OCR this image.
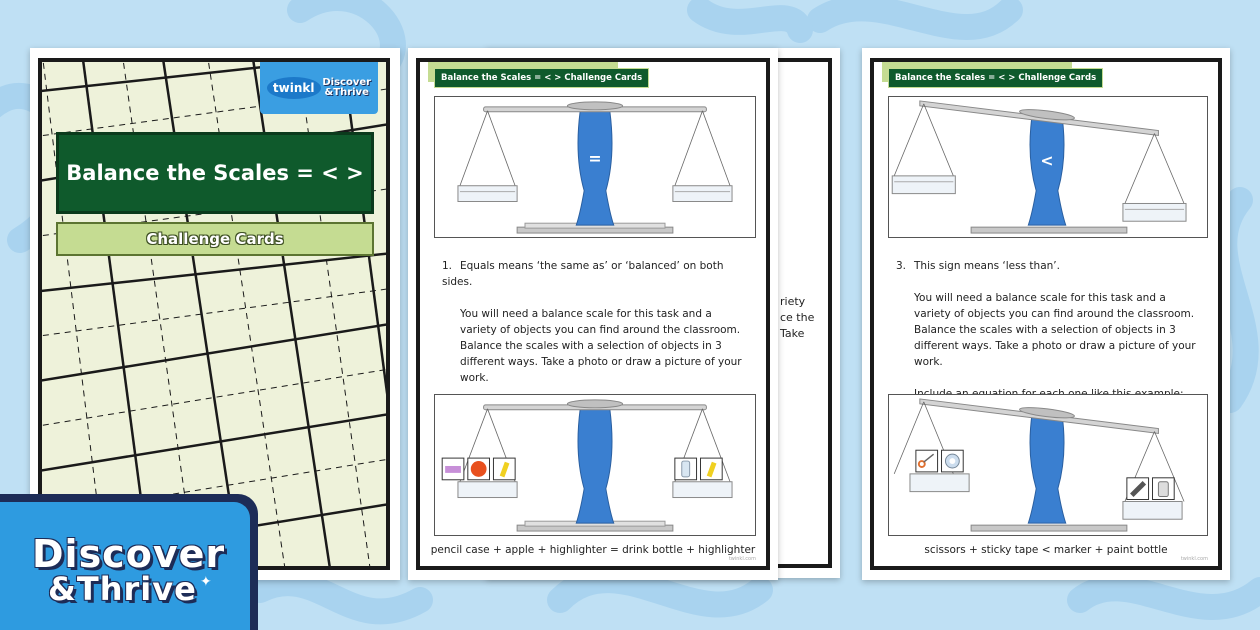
twinkl Discover
&Thrive
Balance the Scales = < >
Challenge Cards
riety
ce the
Take
Balance the Scales = < > Challenge Cards
=

1. Equals means ‘the same as’ or ‘balanced’ on both sides.

You will need a balance scale for this task and a variety of objects you can find around the classroom. Balance the scales with a selection of objects in 3 different ways. Take a photo or draw a picture of your work.

pencil case + apple + highlighter = drink bottle + highlighter
twinkl.com
Balance the Scales = < > Challenge Cards
<

3. This sign means ‘less than’.

You will need a balance scale for this task and a variety of objects you can find around the classroom. Balance the scales with a selection of objects in 3 different ways. Take a photo or draw a picture of your work.

scissors + sticky tape < marker + paint bottle
twinkl.com
Discover
&Thrive ✦
